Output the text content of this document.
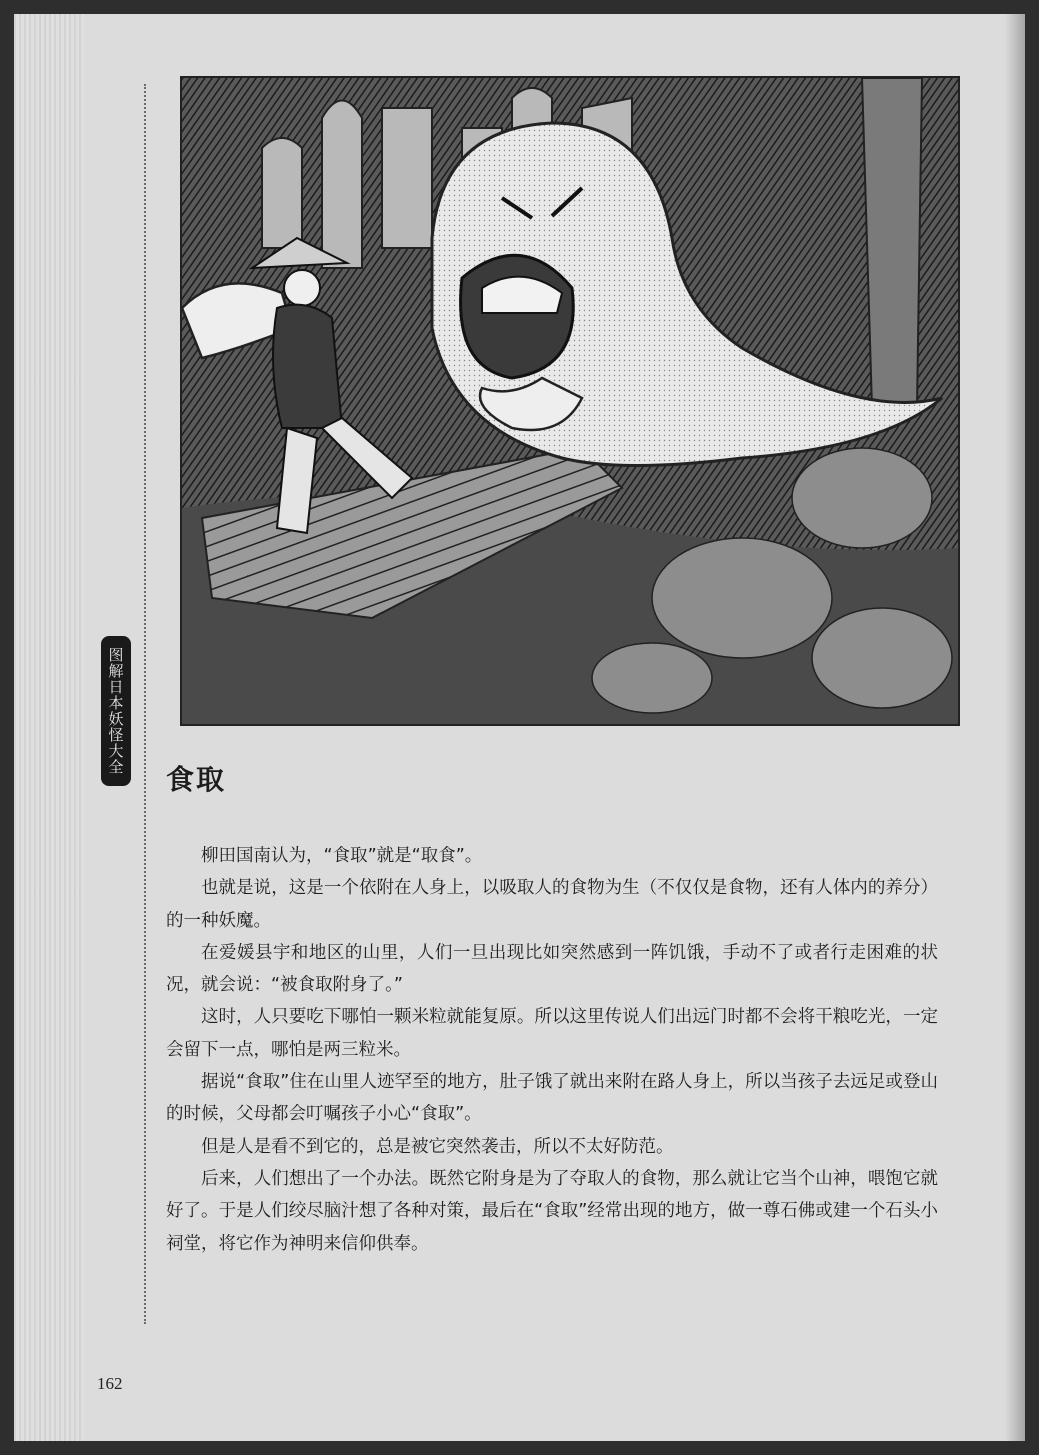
图解日本妖怪大全
食取

柳田国南认为，“食取”就是“取食”。

也就是说，这是一个依附在人身上，以吸取人的食物为生（不仅仅是食物，还有人体内的养分）的一种妖魔。

在爱媛县宇和地区的山里，人们一旦出现比如突然感到一阵饥饿，手动不了或者行走困难的状况，就会说：“被食取附身了。”

这时，人只要吃下哪怕一颗米粒就能复原。所以这里传说人们出远门时都不会将干粮吃光，一定会留下一点，哪怕是两三粒米。

据说“食取”住在山里人迹罕至的地方，肚子饿了就出来附在路人身上，所以当孩子去远足或登山的时候，父母都会叮嘱孩子小心“食取”。

但是人是看不到它的，总是被它突然袭击，所以不太好防范。

后来，人们想出了一个办法。既然它附身是为了夺取人的食物，那么就让它当个山神，喂饱它就好了。于是人们绞尽脑汁想了各种对策，最后在“食取”经常出现的地方，做一尊石佛或建一个石头小祠堂，将它作为神明来信仰供奉。

162
